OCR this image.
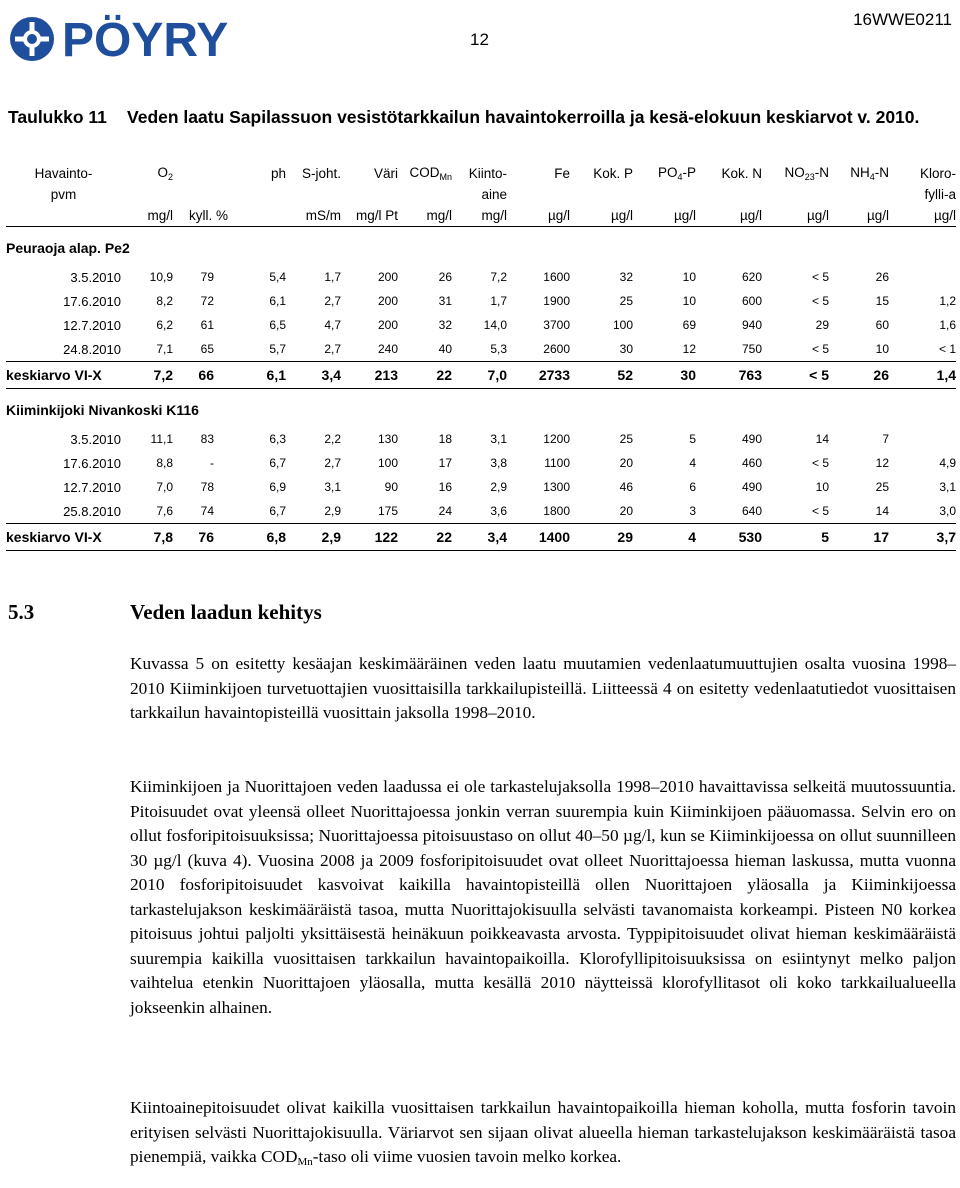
PÖYRY	12
16WWE0211
Taulukko 11 Veden laatu Sapilassuon vesistötarkkailun havaintokerroilla ja kesä-elokuun keskiarvot v. 2010.
Havainto-	$O_2$		ph	S-joht.	Väri	$COD_{Mn}$	Kiinto-	Fe	Kok. P	$PO_4-P$	Kok. N	$NO_{23}-N$	$NH_4-N$	Kloro-
pvm							aine							fylli-a
	mg/l	kyll. %		mS/m	mg/l Pt	mg/l	mg/l	µg/l	µg/l	µg/l	µg/l	µg/l	µg/l	µg/l
Peuraoja alap. Pe2														
3.5.2010	10,9	79	5,4	1,7	200	26	7,2	1600	32	10	620	< 5	26	
17.6.2010	8,2	72	6,1	2,7	200	31	1,7	1900	25	10	600	< 5	15	1,2
12.7.2010	6,2	61	6,5	4,7	200	32	14,0	3700	100	69	940	29	60	1,6
24.8.2010	7,1	65	5,7	2,7	240	40	5,3	2600	30	12	750	< 5	10	< 1
keskiarvo VI-X	7,2	66	6,1	3,4	213	22	7,0	2733	52	30	763	< 5	26	1,4
Kiiminkijoki Nivankoski K116														
3.5.2010	11,1	83	6,3	2,2	130	18	3,1	1200	25	5	490	14	7	
17.6.2010	8,8	-	6,7	2,7	100	17	3,8	1100	20	4	460	< 5	12	4,9
12.7.2010	7,0	78	6,9	3,1	90	16	2,9	1300	46	6	490	10	25	3,1
25.8.2010	7,6	74	6,7	2,9	175	24	3,6	1800	20	3	640	< 5	14	3,0
keskiarvo VI-X	7,8	76	6,8	2,9	122	22	3,4	1400	29	4	530	5	17	3,7
5.3	Veden laadun kehitys

Kuvassa 5 on esitetty kesäajan keskimääräinen veden laatu muutamien vedenlaatumuuttujien osalta vuosina 1998–2010 Kiiminkijoen turvetuottajien vuosittaisilla tarkkailupisteillä. Liitteessä 4 on esitetty vedenlaatutiedot vuosittaisen tarkkailun havaintopisteillä vuosittain jaksolla 1998–2010.

Kiiminkijoen ja Nuorittajoen veden laadussa ei ole tarkastelujaksolla 1998–2010 havaittavissa selkeitä muutossuuntia. Pitoisuudet ovat yleensä olleet Nuorittajoessa jonkin verran suurempia kuin Kiiminkijoen pääuomassa. Selvin ero on ollut fosforipitoisuuksissa; Nuorittajoessa pitoisuustaso on ollut 40–50 µg/l, kun se Kiiminkijoessa on ollut suunnilleen 30 µg/l (kuva 4). Vuosina 2008 ja 2009 fosforipitoisuudet ovat olleet Nuorittajoessa hieman laskussa, mutta vuonna 2010 fosforipitoisuudet kasvoivat kaikilla havaintopisteillä ollen Nuorittajoen yläosalla ja Kiiminkijoessa tarkastelujakson keskimääräistä tasoa, mutta Nuorittajokisuulla selvästi tavanomaista korkeampi. Pisteen N0 korkea pitoisuus johtui paljolti yksittäisestä heinäkuun poikkeavasta arvosta. Typpipitoisuudet olivat hieman keskimääräistä suurempia kaikilla vuosittaisen tarkkailun havaintopaikoilla. Klorofyllipitoisuuksissa on esiintynyt melko paljon vaihtelua etenkin Nuorittajoen yläosalla, mutta kesällä 2010 näytteissä klorofyllitasot oli koko tarkkailualueella jokseenkin alhainen.

Kiintoainepitoisuudet olivat kaikilla vuosittaisen tarkkailun havaintopaikoilla hieman koholla, mutta fosforin tavoin erityisen selvästi Nuorittajokisuulla. Väriarvot sen sijaan olivat alueella hieman tarkastelujakson keskimääräistä tasoa pienempiä, vaikka $COD_{Mn}$-taso oli viime vuosien tavoin melko korkea.
